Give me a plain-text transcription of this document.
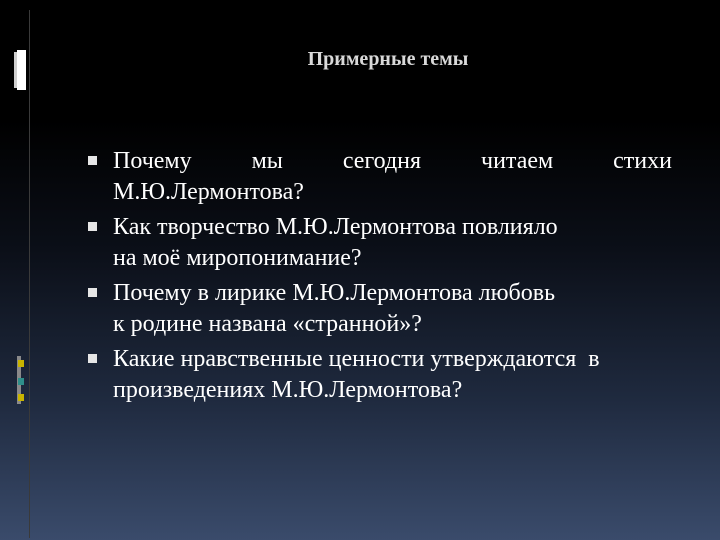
Примерные темы
Почему мы сегодня читаем стихи
М.Ю.Лермонтова?
Как творчество М.Ю.Лермонтова повлияло
на моё миропонимание?
Почему в лирике М.Ю.Лермонтова любовь
к родине названа «странной»?
Какие нравственные ценности утверждаются  в
произведениях М.Ю.Лермонтова?
